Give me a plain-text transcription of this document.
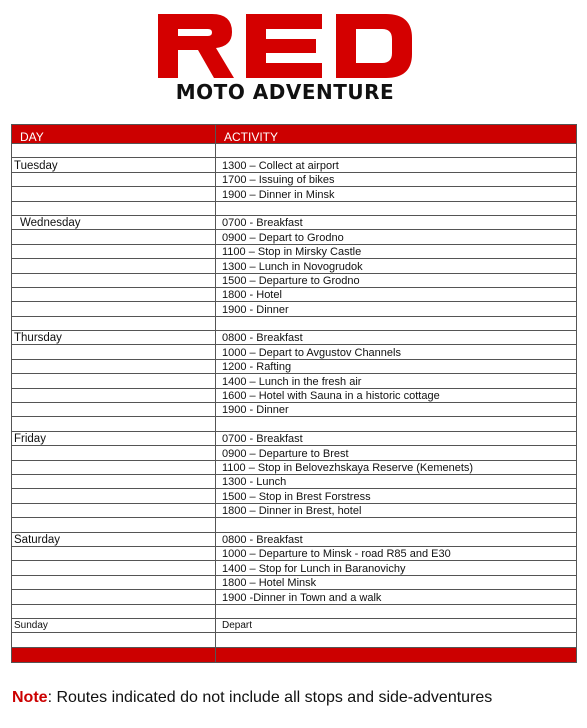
MOTO ADVENTURE
DAY	ACTIVITY

Tuesday	1300 – Collect at airport
	1700 – Issuing of bikes
	1900 – Dinner in Minsk

Wednesday	0700 - Breakfast
	0900 – Depart to Grodno
	1100 – Stop in Mirsky Castle
	1300 – Lunch in Novogrudok
	1500 – Departure to Grodno
	1800 - Hotel
	1900 - Dinner

Thursday	0800 - Breakfast
	1000 – Depart to Avgustov Channels
	1200 - Rafting
	1400 – Lunch in the fresh air
	1600 – Hotel with Sauna in a historic cottage
	1900 - Dinner

Friday	0700 - Breakfast
	0900 – Departure to Brest
	1100 – Stop in Belovezhskaya Reserve (Kemenets)
	1300 - Lunch
	1500 – Stop in Brest Forstress
	1800 – Dinner in Brest, hotel

Saturday	0800 - Breakfast
	1000 – Departure to Minsk - road R85 and E30
	1400 – Stop for Lunch in Baranovichy
	1800 – Hotel Minsk
	1900 -Dinner in Town and a walk

Sunday	Depart

Note: Routes indicated do not include all stops and side-adventures
